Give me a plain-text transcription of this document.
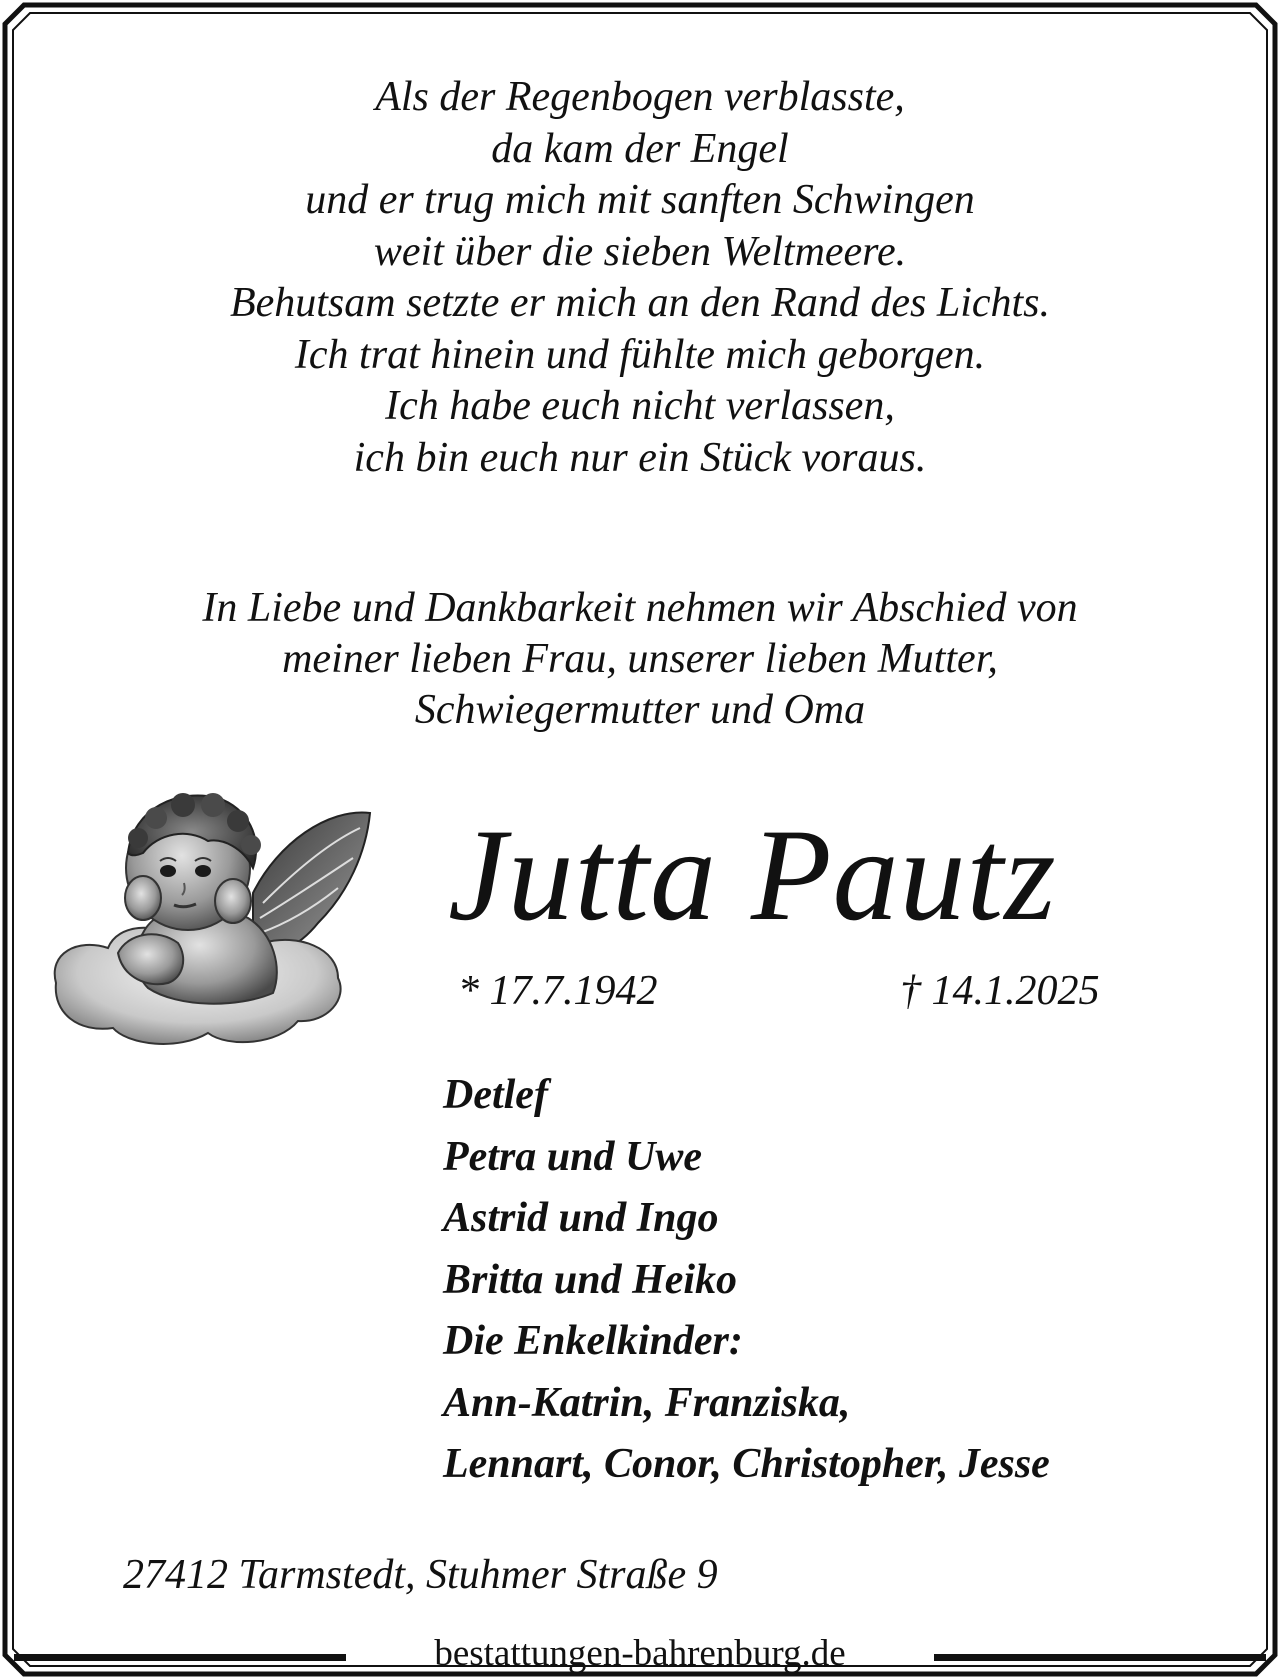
Als der Regenbogen verblasste,
da kam der Engel
und er trug mich mit sanften Schwingen
weit über die sieben Weltmeere.
Behutsam setzte er mich an den Rand des Lichts.
Ich trat hinein und fühlte mich geborgen.
Ich habe euch nicht verlassen,
ich bin euch nur ein Stück voraus.
In Liebe und Dankbarkeit nehmen wir Abschied von
meiner lieben Frau, unserer lieben Mutter,
Schwiegermutter und Oma
Jutta Pautz
* 17.7.1942	† 14.1.2025
Detlef
Petra und Uwe
Astrid und Ingo
Britta und Heiko
Die Enkelkinder:
Ann-Katrin, Franziska,
Lennart, Conor, Christopher, Jesse
27412 Tarmstedt, Stuhmer Straße 9
bestattungen-bahrenburg.de
